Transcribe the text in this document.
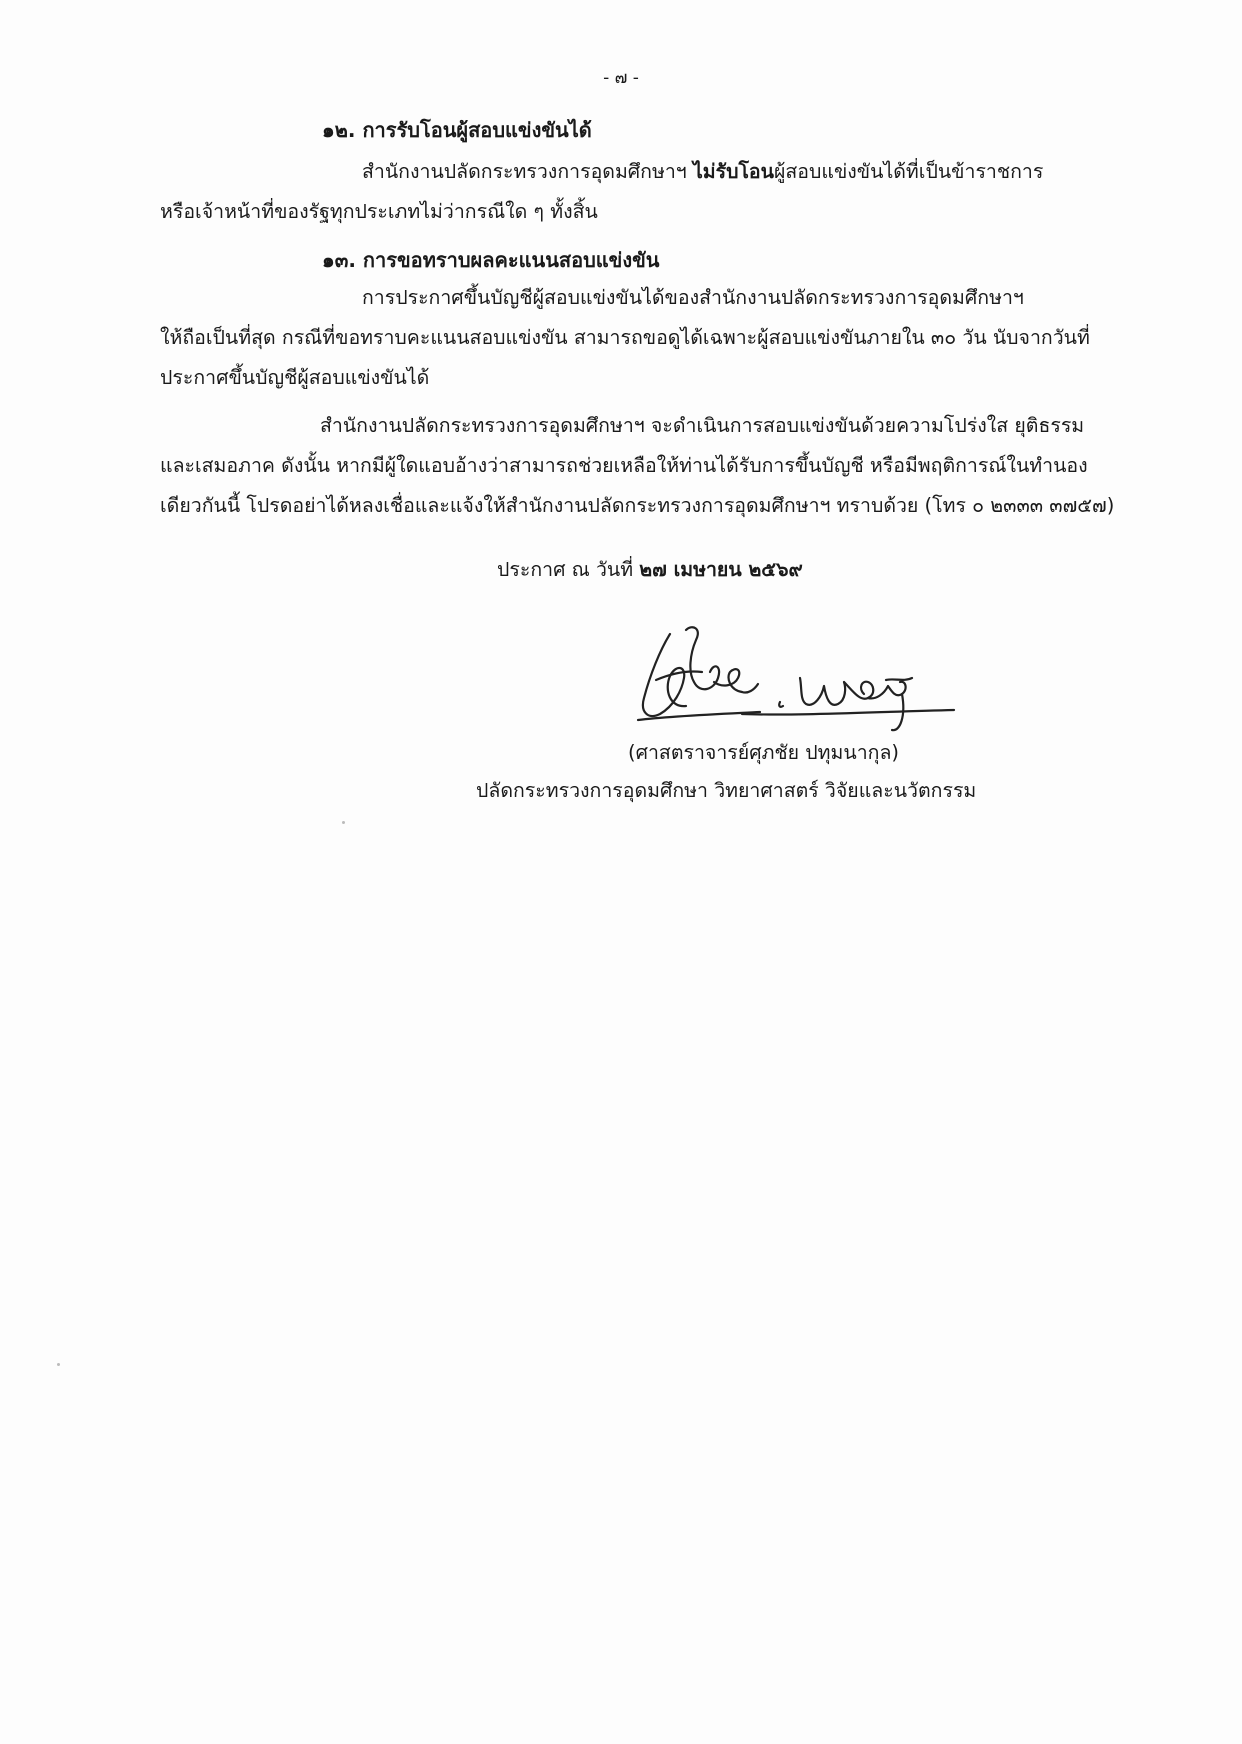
- ๗ -
๑๒. การรับโอนผู้สอบแข่งขันได้
สำนักงานปลัดกระทรวงการอุดมศึกษาฯ ไม่รับโอนผู้สอบแข่งขันได้ที่เป็นข้าราชการ
หรือเจ้าหน้าที่ของรัฐทุกประเภทไม่ว่ากรณีใด ๆ ทั้งสิ้น
๑๓. การขอทราบผลคะแนนสอบแข่งขัน
การประกาศขึ้นบัญชีผู้สอบแข่งขันได้ของสำนักงานปลัดกระทรวงการอุดมศึกษาฯ
ให้ถือเป็นที่สุด กรณีที่ขอทราบคะแนนสอบแข่งขัน สามารถขอดูได้เฉพาะผู้สอบแข่งขันภายใน ๓๐ วัน นับจากวันที่
ประกาศขึ้นบัญชีผู้สอบแข่งขันได้
สำนักงานปลัดกระทรวงการอุดมศึกษาฯ จะดำเนินการสอบแข่งขันด้วยความโปร่งใส ยุติธรรม
และเสมอภาค ดังนั้น หากมีผู้ใดแอบอ้างว่าสามารถช่วยเหลือให้ท่านได้รับการขึ้นบัญชี หรือมีพฤติการณ์ในทำนอง
เดียวกันนี้ โปรดอย่าได้หลงเชื่อและแจ้งให้สำนักงานปลัดกระทรวงการอุดมศึกษาฯ ทราบด้วย (โทร ๐ ๒๓๓๓ ๓๗๕๗)
ประกาศ ณ วันที่ ๒๗ เมษายน ๒๕๖๙
(ศาสตราจารย์ศุภชัย ปทุมนากุล)
ปลัดกระทรวงการอุดมศึกษา วิทยาศาสตร์ วิจัยและนวัตกรรม
